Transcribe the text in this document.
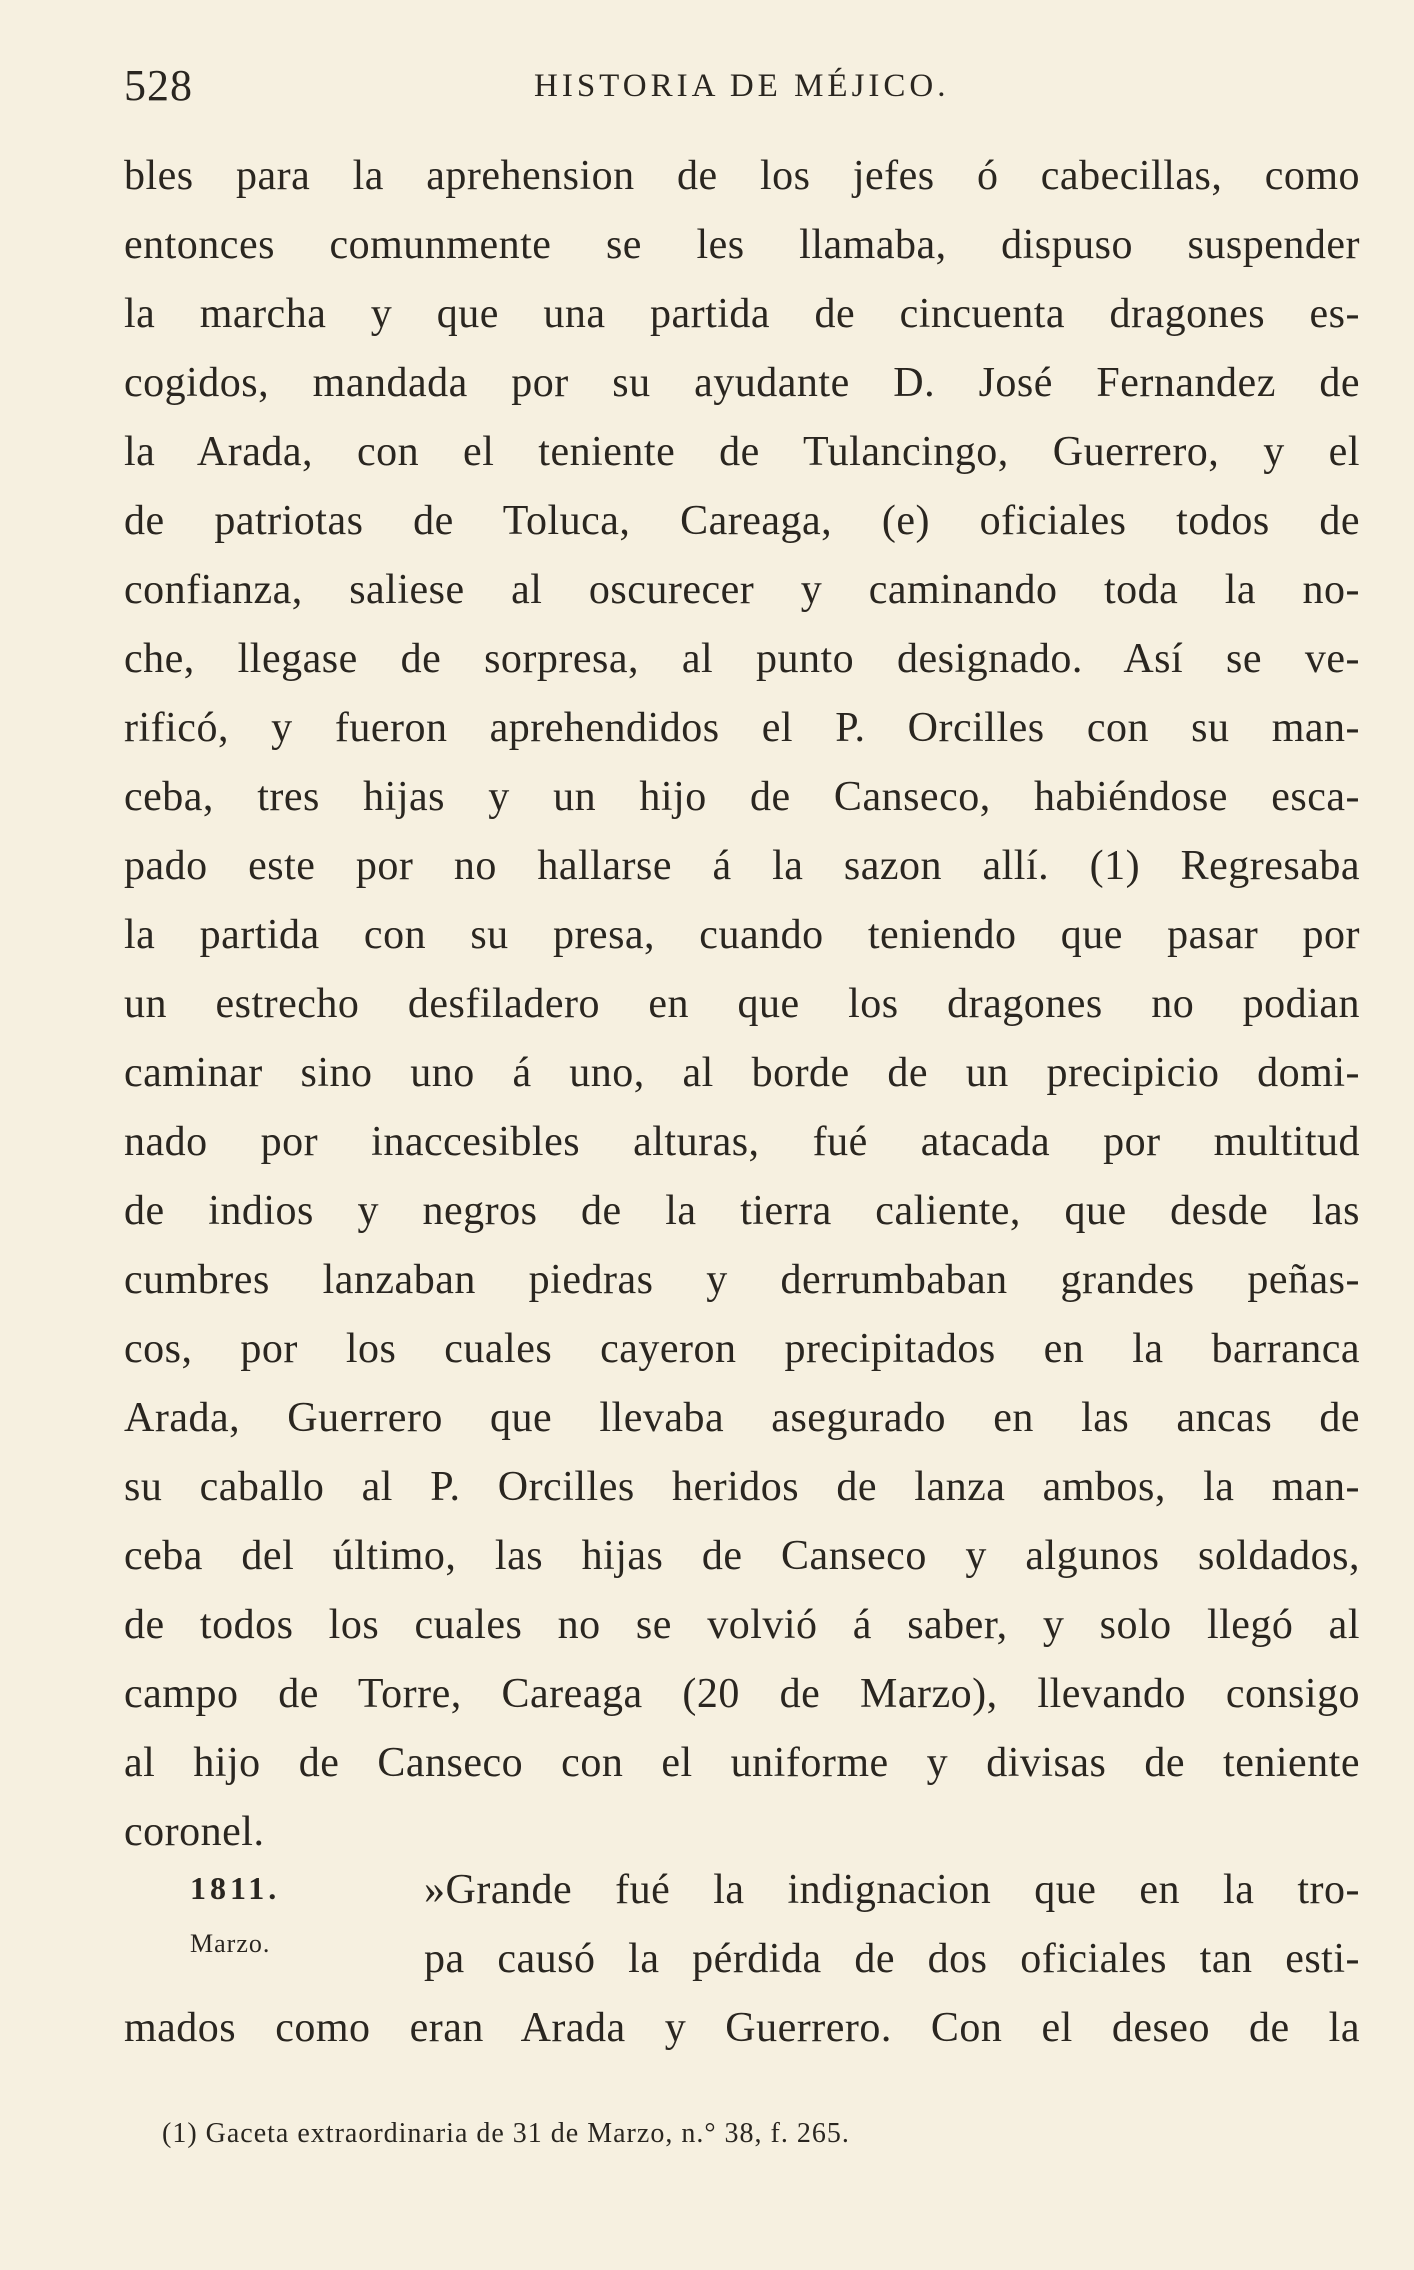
528	HISTORIA DE MÉJICO.
bles para la aprehension de los jefes ó cabecillas, como
entonces comunmente se les llamaba, dispuso suspender
la marcha y que una partida de cincuenta dragones es-
cogidos, mandada por su ayudante D. José Fernandez de
la Arada, con el teniente de Tulancingo, Guerrero, y el
de patriotas de Toluca, Careaga, (e) oficiales todos de
confianza, saliese al oscurecer y caminando toda la no-
che, llegase de sorpresa, al punto designado. Así se ve-
rificó, y fueron aprehendidos el P. Orcilles con su man-
ceba, tres hijas y un hijo de Canseco, habiéndose esca-
pado este por no hallarse á la sazon allí. (1) Regresaba
la partida con su presa, cuando teniendo que pasar por
un estrecho desfiladero en que los dragones no podian
caminar sino uno á uno, al borde de un precipicio domi-
nado por inaccesibles alturas, fué atacada por multitud
de indios y negros de la tierra caliente, que desde las
cumbres lanzaban piedras y derrumbaban grandes peñas-
cos, por los cuales cayeron precipitados en la barranca
Arada, Guerrero que llevaba asegurado en las ancas de
su caballo al P. Orcilles heridos de lanza ambos, la man-
ceba del último, las hijas de Canseco y algunos soldados,
de todos los cuales no se volvió á saber, y solo llegó al
campo de Torre, Careaga (20 de Marzo), llevando consigo
al hijo de Canseco con el uniforme y divisas de teniente
coronel.
1811.
Marzo.
»Grande fué la indignacion que en la tro-
pa causó la pérdida de dos oficiales tan esti-
mados como eran Arada y Guerrero. Con el deseo de la
(1) Gaceta extraordinaria de 31 de Marzo, n.° 38, f. 265.
